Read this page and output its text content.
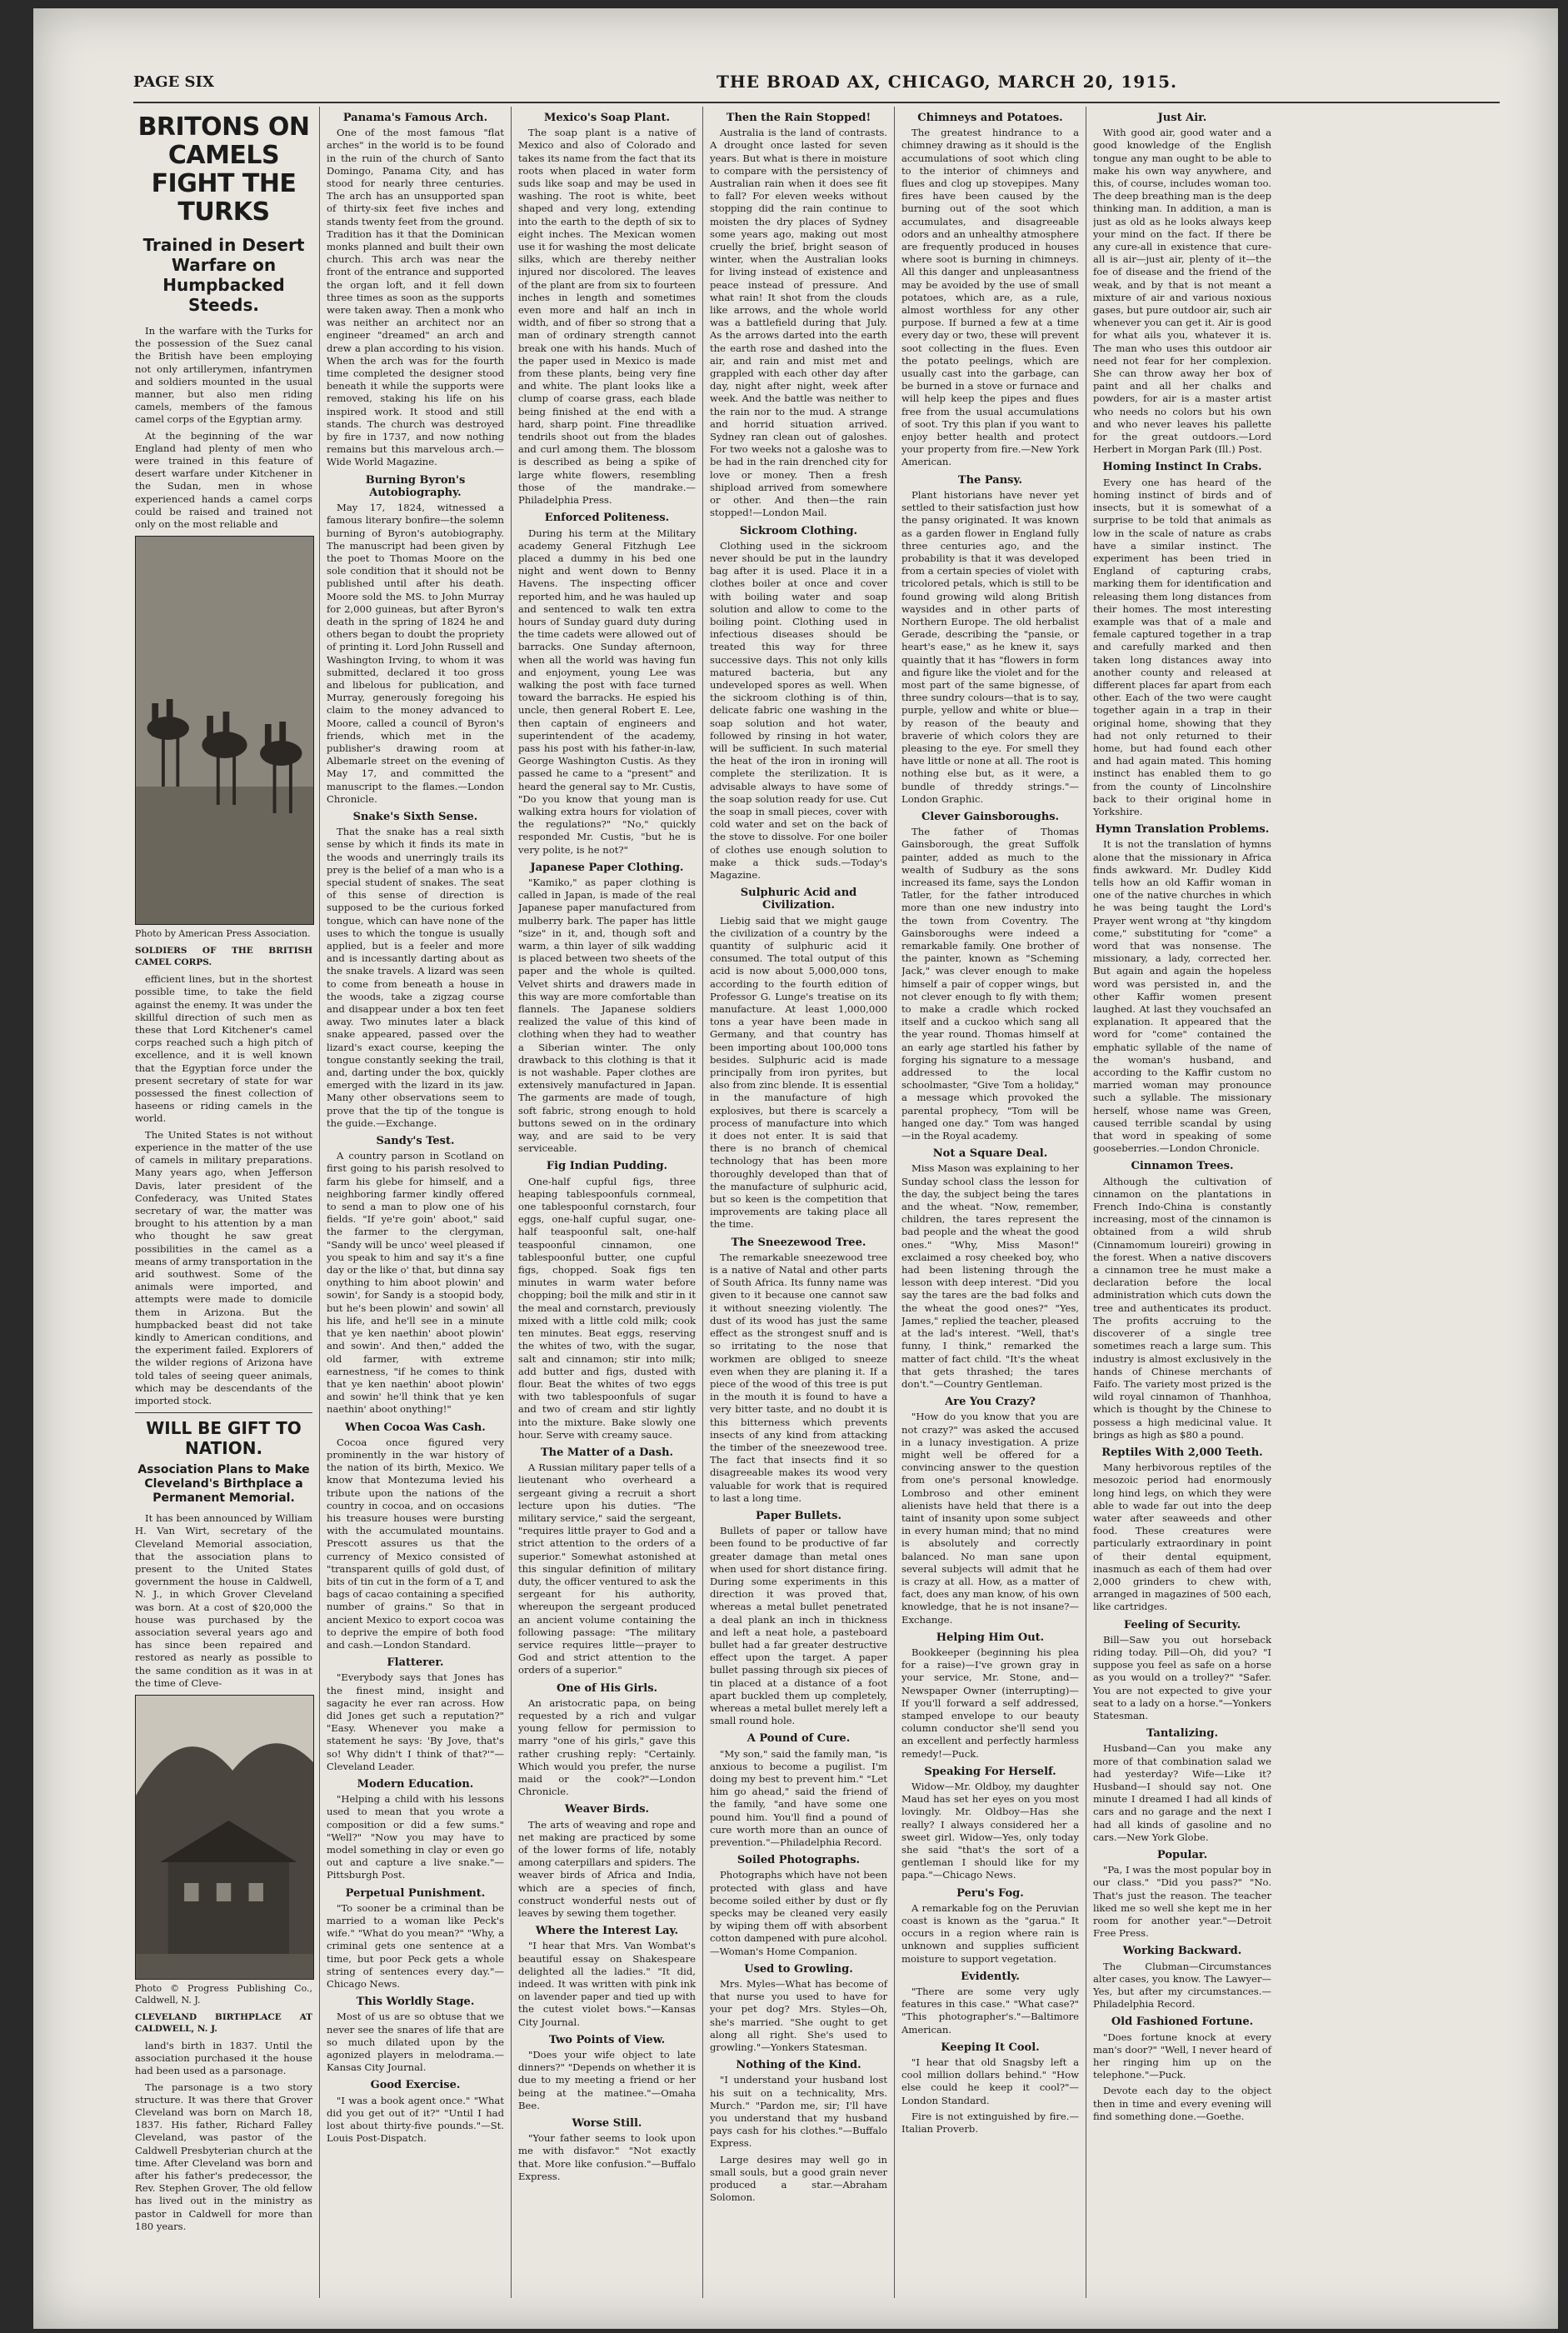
PAGE SIX	THE BROAD AX, CHICAGO, MARCH 20, 1915.
BRITONS ON CAMELS FIGHT THE TURKS
Trained in Desert Warfare on Humpbacked Steeds.

In the warfare with the Turks for the possession of the Suez canal the British have been employing not only artillerymen, infantrymen and soldiers mounted in the usual manner, but also men riding camels, members of the famous camel corps of the Egyptian army.

At the beginning of the war England had plenty of men who were trained in this feature of desert warfare under Kitchener in the Sudan, men in whose experienced hands a camel corps could be raised and trained not only on the most reliable and

Photo by American Press Association.
SOLDIERS OF THE BRITISH CAMEL CORPS.

efficient lines, but in the shortest possible time, to take the field against the enemy. It was under the skillful direction of such men as these that Lord Kitchener's camel corps reached such a high pitch of excellence, and it is well known that the Egyptian force under the present secretary of state for war possessed the finest collection of haseens or riding camels in the world.

The United States is not without experience in the matter of the use of camels in military preparations. Many years ago, when Jefferson Davis, later president of the Confederacy, was United States secretary of war, the matter was brought to his attention by a man who thought he saw great possibilities in the camel as a means of army transportation in the arid southwest. Some of the animals were imported, and attempts were made to domicile them in Arizona. But the humpbacked beast did not take kindly to American conditions, and the experiment failed. Explorers of the wilder regions of Arizona have told tales of seeing queer animals, which may be descendants of the imported stock.

WILL BE GIFT TO NATION.
Association Plans to Make Cleveland's Birthplace a Permanent Memorial.

It has been announced by William H. Van Wirt, secretary of the Cleveland Memorial association, that the association plans to present to the United States government the house in Caldwell, N. J., in which Grover Cleveland was born. At a cost of $20,000 the house was purchased by the association several years ago and has since been repaired and restored as nearly as possible to the same condition as it was in at the time of Cleve-

Photo © Progress Publishing Co., Caldwell, N. J.
CLEVELAND BIRTHPLACE AT CALDWELL, N. J.

land's birth in 1837. Until the association purchased it the house had been used as a parsonage.

The parsonage is a two story structure. It was there that Grover Cleveland was born on March 18, 1837. His father, Richard Falley Cleveland, was pastor of the Caldwell Presbyterian church at the time. After Cleveland was born and after his father's predecessor, the Rev. Stephen Grover, The old fellow has lived out in the ministry as pastor in Caldwell for more than 180 years.

Panama's Famous Arch.

One of the most famous "flat arches" in the world is to be found in the ruin of the church of Santo Domingo, Panama City, and has stood for nearly three centuries. The arch has an unsupported span of thirty-six feet five inches and stands twenty feet from the ground. Tradition has it that the Dominican monks planned and built their own church. This arch was near the front of the entrance and supported the organ loft, and it fell down three times as soon as the supports were taken away. Then a monk who was neither an architect nor an engineer "dreamed" an arch and drew a plan according to his vision. When the arch was for the fourth time completed the designer stood beneath it while the supports were removed, staking his life on his inspired work. It stood and still stands. The church was destroyed by fire in 1737, and now nothing remains but this marvelous arch.—Wide World Magazine.

Burning Byron's Autobiography.

May 17, 1824, witnessed a famous literary bonfire—the solemn burning of Byron's autobiography. The manuscript had been given by the poet to Thomas Moore on the sole condition that it should not be published until after his death. Moore sold the MS. to John Murray for 2,000 guineas, but after Byron's death in the spring of 1824 he and others began to doubt the propriety of printing it. Lord John Russell and Washington Irving, to whom it was submitted, declared it too gross and libelous for publication, and Murray, generously foregoing his claim to the money advanced to Moore, called a council of Byron's friends, which met in the publisher's drawing room at Albemarle street on the evening of May 17, and committed the manuscript to the flames.—London Chronicle.

Snake's Sixth Sense.

That the snake has a real sixth sense by which it finds its mate in the woods and unerringly trails its prey is the belief of a man who is a special student of snakes. The seat of this sense of direction is supposed to be the curious forked tongue, which can have none of the uses to which the tongue is usually applied, but is a feeler and more and is incessantly darting about as the snake travels. A lizard was seen to come from beneath a house in the woods, take a zigzag course and disappear under a box ten feet away. Two minutes later a black snake appeared, passed over the lizard's exact course, keeping the tongue constantly seeking the trail, and, darting under the box, quickly emerged with the lizard in its jaw. Many other observations seem to prove that the tip of the tongue is the guide.—Exchange.

Sandy's Test.

A country parson in Scotland on first going to his parish resolved to farm his glebe for himself, and a neighboring farmer kindly offered to send a man to plow one of his fields. "If ye're goin' aboot," said the farmer to the clergyman, "Sandy will be unco' weel pleased if you speak to him and say it's a fine day or the like o' that, but dinna say onything to him aboot plowin' and sowin', for Sandy is a stoopid body, but he's been plowin' and sowin' all his life, and he'll see in a minute that ye ken naethin' aboot plowin' and sowin'. And then," added the old farmer, with extreme earnestness, "if he comes to think that ye ken naethin' aboot plowin' and sowin' he'll think that ye ken naethin' aboot onything!"

When Cocoa Was Cash.

Cocoa once figured very prominently in the war history of the nation of its birth, Mexico. We know that Montezuma levied his tribute upon the nations of the country in cocoa, and on occasions his treasure houses were bursting with the accumulated mountains. Prescott assures us that the currency of Mexico consisted of "transparent quills of gold dust, of bits of tin cut in the form of a T, and bags of cacao containing a specified number of grains." So that in ancient Mexico to export cocoa was to deprive the empire of both food and cash.—London Standard.

Flatterer.

"Everybody says that Jones has the finest mind, insight and sagacity he ever ran across. How did Jones get such a reputation?" "Easy. Whenever you make a statement he says: 'By Jove, that's so! Why didn't I think of that?'"—Cleveland Leader.

Modern Education.

"Helping a child with his lessons used to mean that you wrote a composition or did a few sums." "Well?" "Now you may have to model something in clay or even go out and capture a live snake."—Pittsburgh Post.

Perpetual Punishment.

"To sooner be a criminal than be married to a woman like Peck's wife." "What do you mean?" "Why, a criminal gets one sentence at a time, but poor Peck gets a whole string of sentences every day."—Chicago News.

This Worldly Stage.

Most of us are so obtuse that we never see the snares of life that are so much dilated upon by the agonized players in melodrama.—Kansas City Journal.

Good Exercise.

"I was a book agent once." "What did you get out of it?" "Until I had lost about thirty-five pounds."—St. Louis Post-Dispatch.

Mexico's Soap Plant.

The soap plant is a native of Mexico and also of Colorado and takes its name from the fact that its roots when placed in water form suds like soap and may be used in washing. The root is white, beet shaped and very long, extending into the earth to the depth of six to eight inches. The Mexican women use it for washing the most delicate silks, which are thereby neither injured nor discolored. The leaves of the plant are from six to fourteen inches in length and sometimes even more and half an inch in width, and of fiber so strong that a man of ordinary strength cannot break one with his hands. Much of the paper used in Mexico is made from these plants, being very fine and white. The plant looks like a clump of coarse grass, each blade being finished at the end with a hard, sharp point. Fine threadlike tendrils shoot out from the blades and curl among them. The blossom is described as being a spike of large white flowers, resembling those of the mandrake.—Philadelphia Press.

Enforced Politeness.

During his term at the Military academy General Fitzhugh Lee placed a dummy in his bed one night and went down to Benny Havens. The inspecting officer reported him, and he was hauled up and sentenced to walk ten extra hours of Sunday guard duty during the time cadets were allowed out of barracks. One Sunday afternoon, when all the world was having fun and enjoyment, young Lee was walking the post with face turned toward the barracks. He espied his uncle, then general Robert E. Lee, then captain of engineers and superintendent of the academy, pass his post with his father-in-law, George Washington Custis. As they passed he came to a "present" and heard the general say to Mr. Custis, "Do you know that young man is walking extra hours for violation of the regulations?" "No," quickly responded Mr. Custis, "but he is very polite, is he not?"

Japanese Paper Clothing.

"Kamiko," as paper clothing is called in Japan, is made of the real Japanese paper manufactured from mulberry bark. The paper has little "size" in it, and, though soft and warm, a thin layer of silk wadding is placed between two sheets of the paper and the whole is quilted. Velvet shirts and drawers made in this way are more comfortable than flannels. The Japanese soldiers realized the value of this kind of clothing when they had to weather a Siberian winter. The only drawback to this clothing is that it is not washable. Paper clothes are extensively manufactured in Japan. The garments are made of tough, soft fabric, strong enough to hold buttons sewed on in the ordinary way, and are said to be very serviceable.

Fig Indian Pudding.

One-half cupful figs, three heaping tablespoonfuls cornmeal, one tablespoonful cornstarch, four eggs, one-half cupful sugar, one-half teaspoonful salt, one-half teaspoonful cinnamon, one tablespoonful butter, one cupful figs, chopped. Soak figs ten minutes in warm water before chopping; boil the milk and stir in it the meal and cornstarch, previously mixed with a little cold milk; cook ten minutes. Beat eggs, reserving the whites of two, with the sugar, salt and cinnamon; stir into milk; add butter and figs, dusted with flour. Beat the whites of two eggs with two tablespoonfuls of sugar and two of cream and stir lightly into the mixture. Bake slowly one hour. Serve with creamy sauce.

The Matter of a Dash.

A Russian military paper tells of a lieutenant who overheard a sergeant giving a recruit a short lecture upon his duties. "The military service," said the sergeant, "requires little prayer to God and a strict attention to the orders of a superior." Somewhat astonished at this singular definition of military duty, the officer ventured to ask the sergeant for his authority, whereupon the sergeant produced an ancient volume containing the following passage: "The military service requires little—prayer to God and strict attention to the orders of a superior."

One of His Girls.

An aristocratic papa, on being requested by a rich and vulgar young fellow for permission to marry "one of his girls," gave this rather crushing reply: "Certainly. Which would you prefer, the nurse maid or the cook?"—London Chronicle.

Weaver Birds.

The arts of weaving and rope and net making are practiced by some of the lower forms of life, notably among caterpillars and spiders. The weaver birds of Africa and India, which are a species of finch, construct wonderful nests out of leaves by sewing them together.

Where the Interest Lay.

"I hear that Mrs. Van Wombat's beautiful essay on Shakespeare delighted all the ladies." "It did, indeed. It was written with pink ink on lavender paper and tied up with the cutest violet bows."—Kansas City Journal.

Two Points of View.

"Does your wife object to late dinners?" "Depends on whether it is due to my meeting a friend or her being at the matinee."—Omaha Bee.

Worse Still.

"Your father seems to look upon me with disfavor." "Not exactly that. More like confusion."—Buffalo Express.

Then the Rain Stopped!

Australia is the land of contrasts. A drought once lasted for seven years. But what is there in moisture to compare with the persistency of Australian rain when it does see fit to fall? For eleven weeks without stopping did the rain continue to moisten the dry places of Sydney some years ago, making out most cruelly the brief, bright season of winter, when the Australian looks for living instead of existence and peace instead of pressure. And what rain! It shot from the clouds like arrows, and the whole world was a battlefield during that July. As the arrows darted into the earth the earth rose and dashed into the air, and rain and mist met and grappled with each other day after day, night after night, week after week. And the battle was neither to the rain nor to the mud. A strange and horrid situation arrived. Sydney ran clean out of galoshes. For two weeks not a galoshe was to be had in the rain drenched city for love or money. Then a fresh shipload arrived from somewhere or other. And then—the rain stopped!—London Mail.

Sickroom Clothing.

Clothing used in the sickroom never should be put in the laundry bag after it is used. Place it in a clothes boiler at once and cover with boiling water and soap solution and allow to come to the boiling point. Clothing used in infectious diseases should be treated this way for three successive days. This not only kills matured bacteria, but any undeveloped spores as well. When the sickroom clothing is of thin, delicate fabric one washing in the soap solution and hot water, followed by rinsing in hot water, will be sufficient. In such material the heat of the iron in ironing will complete the sterilization. It is advisable always to have some of the soap solution ready for use. Cut the soap in small pieces, cover with cold water and set on the back of the stove to dissolve. For one boiler of clothes use enough solution to make a thick suds.—Today's Magazine.

Sulphuric Acid and Civilization.

Liebig said that we might gauge the civilization of a country by the quantity of sulphuric acid it consumed. The total output of this acid is now about 5,000,000 tons, according to the fourth edition of Professor G. Lunge's treatise on its manufacture. At least 1,000,000 tons a year have been made in Germany, and that country has been importing about 100,000 tons besides. Sulphuric acid is made principally from iron pyrites, but also from zinc blende. It is essential in the manufacture of high explosives, but there is scarcely a process of manufacture into which it does not enter. It is said that there is no branch of chemical technology that has been more thoroughly developed than that of the manufacture of sulphuric acid, but so keen is the competition that improvements are taking place all the time.

The Sneezewood Tree.

The remarkable sneezewood tree is a native of Natal and other parts of South Africa. Its funny name was given to it because one cannot saw it without sneezing violently. The dust of its wood has just the same effect as the strongest snuff and is so irritating to the nose that workmen are obliged to sneeze even when they are planing it. If a piece of the wood of this tree is put in the mouth it is found to have a very bitter taste, and no doubt it is this bitterness which prevents insects of any kind from attacking the timber of the sneezewood tree. The fact that insects find it so disagreeable makes its wood very valuable for work that is required to last a long time.

Paper Bullets.

Bullets of paper or tallow have been found to be productive of far greater damage than metal ones when used for short distance firing. During some experiments in this direction it was proved that, whereas a metal bullet penetrated a deal plank an inch in thickness and left a neat hole, a pasteboard bullet had a far greater destructive effect upon the target. A paper bullet passing through six pieces of tin placed at a distance of a foot apart buckled them up completely, whereas a metal bullet merely left a small round hole.

A Pound of Cure.

"My son," said the family man, "is anxious to become a pugilist. I'm doing my best to prevent him." "Let him go ahead," said the friend of the family, "and have some one pound him. You'll find a pound of cure worth more than an ounce of prevention."—Philadelphia Record.

Soiled Photographs.

Photographs which have not been protected with glass and have become soiled either by dust or fly specks may be cleaned very easily by wiping them off with absorbent cotton dampened with pure alcohol.—Woman's Home Companion.

Used to Growling.

Mrs. Myles—What has become of that nurse you used to have for your pet dog? Mrs. Styles—Oh, she's married. "She ought to get along all right. She's used to growling."—Yonkers Statesman.

Nothing of the Kind.

"I understand your husband lost his suit on a technicality, Mrs. Murch." "Pardon me, sir; I'll have you understand that my husband pays cash for his clothes."—Buffalo Express.

Large desires may well go in small souls, but a good grain never produced a star.—Abraham Solomon.

Chimneys and Potatoes.

The greatest hindrance to a chimney drawing as it should is the accumulations of soot which cling to the interior of chimneys and flues and clog up stovepipes. Many fires have been caused by the burning out of the soot which accumulates, and disagreeable odors and an unhealthy atmosphere are frequently produced in houses where soot is burning in chimneys. All this danger and unpleasantness may be avoided by the use of small potatoes, which are, as a rule, almost worthless for any other purpose. If burned a few at a time every day or two, these will prevent soot collecting in the flues. Even the potato peelings, which are usually cast into the garbage, can be burned in a stove or furnace and will help keep the pipes and flues free from the usual accumulations of soot. Try this plan if you want to enjoy better health and protect your property from fire.—New York American.

The Pansy.

Plant historians have never yet settled to their satisfaction just how the pansy originated. It was known as a garden flower in England fully three centuries ago, and the probability is that it was developed from a certain species of violet with tricolored petals, which is still to be found growing wild along British waysides and in other parts of Northern Europe. The old herbalist Gerade, describing the "pansie, or heart's ease," as he knew it, says quaintly that it has "flowers in form and figure like the violet and for the most part of the same bignesse, of three sundry colours—that is to say, purple, yellow and white or blue—by reason of the beauty and braverie of which colors they are pleasing to the eye. For smell they have little or none at all. The root is nothing else but, as it were, a bundle of threddy strings."—London Graphic.

Clever Gainsboroughs.

The father of Thomas Gainsborough, the great Suffolk painter, added as much to the wealth of Sudbury as the sons increased its fame, says the London Tatler, for the father introduced more than one new industry into the town from Coventry. The Gainsboroughs were indeed a remarkable family. One brother of the painter, known as "Scheming Jack," was clever enough to make himself a pair of copper wings, but not clever enough to fly with them; to make a cradle which rocked itself and a cuckoo which sang all the year round. Thomas himself at an early age startled his father by forging his signature to a message addressed to the local schoolmaster, "Give Tom a holiday," a message which provoked the parental prophecy, "Tom will be hanged one day." Tom was hanged—in the Royal academy.

Not a Square Deal.

Miss Mason was explaining to her Sunday school class the lesson for the day, the subject being the tares and the wheat. "Now, remember, children, the tares represent the bad people and the wheat the good ones." "Why, Miss Mason!" exclaimed a rosy cheeked boy, who had been listening through the lesson with deep interest. "Did you say the tares are the bad folks and the wheat the good ones?" "Yes, James," replied the teacher, pleased at the lad's interest. "Well, that's funny, I think," remarked the matter of fact child. "It's the wheat that gets thrashed; the tares don't."—Country Gentleman.

Are You Crazy?

"How do you know that you are not crazy?" was asked the accused in a lunacy investigation. A prize might well be offered for a convincing answer to the question from one's personal knowledge. Lombroso and other eminent alienists have held that there is a taint of insanity upon some subject in every human mind; that no mind is absolutely and correctly balanced. No man sane upon several subjects will admit that he is crazy at all. How, as a matter of fact, does any man know, of his own knowledge, that he is not insane?—Exchange.

Helping Him Out.

Bookkeeper (beginning his plea for a raise)—I've grown gray in your service, Mr. Stone, and— Newspaper Owner (interrupting)—If you'll forward a self addressed, stamped envelope to our beauty column conductor she'll send you an excellent and perfectly harmless remedy!—Puck.

Speaking For Herself.

Widow—Mr. Oldboy, my daughter Maud has set her eyes on you most lovingly. Mr. Oldboy—Has she really? I always considered her a sweet girl. Widow—Yes, only today she said "that's the sort of a gentleman I should like for my papa."—Chicago News.

Peru's Fog.

A remarkable fog on the Peruvian coast is known as the "garua." It occurs in a region where rain is unknown and supplies sufficient moisture to support vegetation.

Evidently.

"There are some very ugly features in this case." "What case?" "This photographer's."—Baltimore American.

Keeping It Cool.

"I hear that old Snagsby left a cool million dollars behind." "How else could he keep it cool?"—London Standard.

Fire is not extinguished by fire.—Italian Proverb.

Just Air.

With good air, good water and a good knowledge of the English tongue any man ought to be able to make his own way anywhere, and this, of course, includes woman too. The deep breathing man is the deep thinking man. In addition, a man is just as old as he looks always keep your mind on the fact. If there be any cure-all in existence that cure-all is air—just air, plenty of it—the foe of disease and the friend of the weak, and by that is not meant a mixture of air and various noxious gases, but pure outdoor air, such air whenever you can get it. Air is good for what ails you, whatever it is. The man who uses this outdoor air need not fear for her complexion. She can throw away her box of paint and all her chalks and powders, for air is a master artist who needs no colors but his own and who never leaves his pallette for the great outdoors.—Lord Herbert in Morgan Park (Ill.) Post.

Homing Instinct In Crabs.

Every one has heard of the homing instinct of birds and of insects, but it is somewhat of a surprise to be told that animals as low in the scale of nature as crabs have a similar instinct. The experiment has been tried in England of capturing crabs, marking them for identification and releasing them long distances from their homes. The most interesting example was that of a male and female captured together in a trap and carefully marked and then taken long distances away into another county and released at different places far apart from each other. Each of the two were caught together again in a trap in their original home, showing that they had not only returned to their home, but had found each other and had again mated. This homing instinct has enabled them to go from the county of Lincolnshire back to their original home in Yorkshire.

Hymn Translation Problems.

It is not the translation of hymns alone that the missionary in Africa finds awkward. Mr. Dudley Kidd tells how an old Kaffir woman in one of the native churches in which he was being taught the Lord's Prayer went wrong at "thy kingdom come," substituting for "come" a word that was nonsense. The missionary, a lady, corrected her. But again and again the hopeless word was persisted in, and the other Kaffir women present laughed. At last they vouchsafed an explanation. It appeared that the word for "come" contained the emphatic syllable of the name of the woman's husband, and according to the Kaffir custom no married woman may pronounce such a syllable. The missionary herself, whose name was Green, caused terrible scandal by using that word in speaking of some gooseberries.—London Chronicle.

Cinnamon Trees.

Although the cultivation of cinnamon on the plantations in French Indo-China is constantly increasing, most of the cinnamon is obtained from a wild shrub (Cinnamomum loureiri) growing in the forest. When a native discovers a cinnamon tree he must make a declaration before the local administration which cuts down the tree and authenticates its product. The profits accruing to the discoverer of a single tree sometimes reach a large sum. This industry is almost exclusively in the hands of Chinese merchants of Faifo. The variety most prized is the wild royal cinnamon of Thanhhoa, which is thought by the Chinese to possess a high medicinal value. It brings as high as $80 a pound.

Reptiles With 2,000 Teeth.

Many herbivorous reptiles of the mesozoic period had enormously long hind legs, on which they were able to wade far out into the deep water after seaweeds and other food. These creatures were particularly extraordinary in point of their dental equipment, inasmuch as each of them had over 2,000 grinders to chew with, arranged in magazines of 500 each, like cartridges.

Feeling of Security.

Bill—Saw you out horseback riding today. Pill—Oh, did you? "I suppose you feel as safe on a horse as you would on a trolley?" "Safer. You are not expected to give your seat to a lady on a horse."—Yonkers Statesman.

Tantalizing.

Husband—Can you make any more of that combination salad we had yesterday? Wife—Like it? Husband—I should say not. One minute I dreamed I had all kinds of cars and no garage and the next I had all kinds of gasoline and no cars.—New York Globe.

Popular.

"Pa, I was the most popular boy in our class." "Did you pass?" "No. That's just the reason. The teacher liked me so well she kept me in her room for another year."—Detroit Free Press.

Working Backward.

The Clubman—Circumstances alter cases, you know. The Lawyer—Yes, but after my circumstances.—Philadelphia Record.

Old Fashioned Fortune.

"Does fortune knock at every man's door?" "Well, I never heard of her ringing him up on the telephone."—Puck.

Devote each day to the object then in time and every evening will find something done.—Goethe.
